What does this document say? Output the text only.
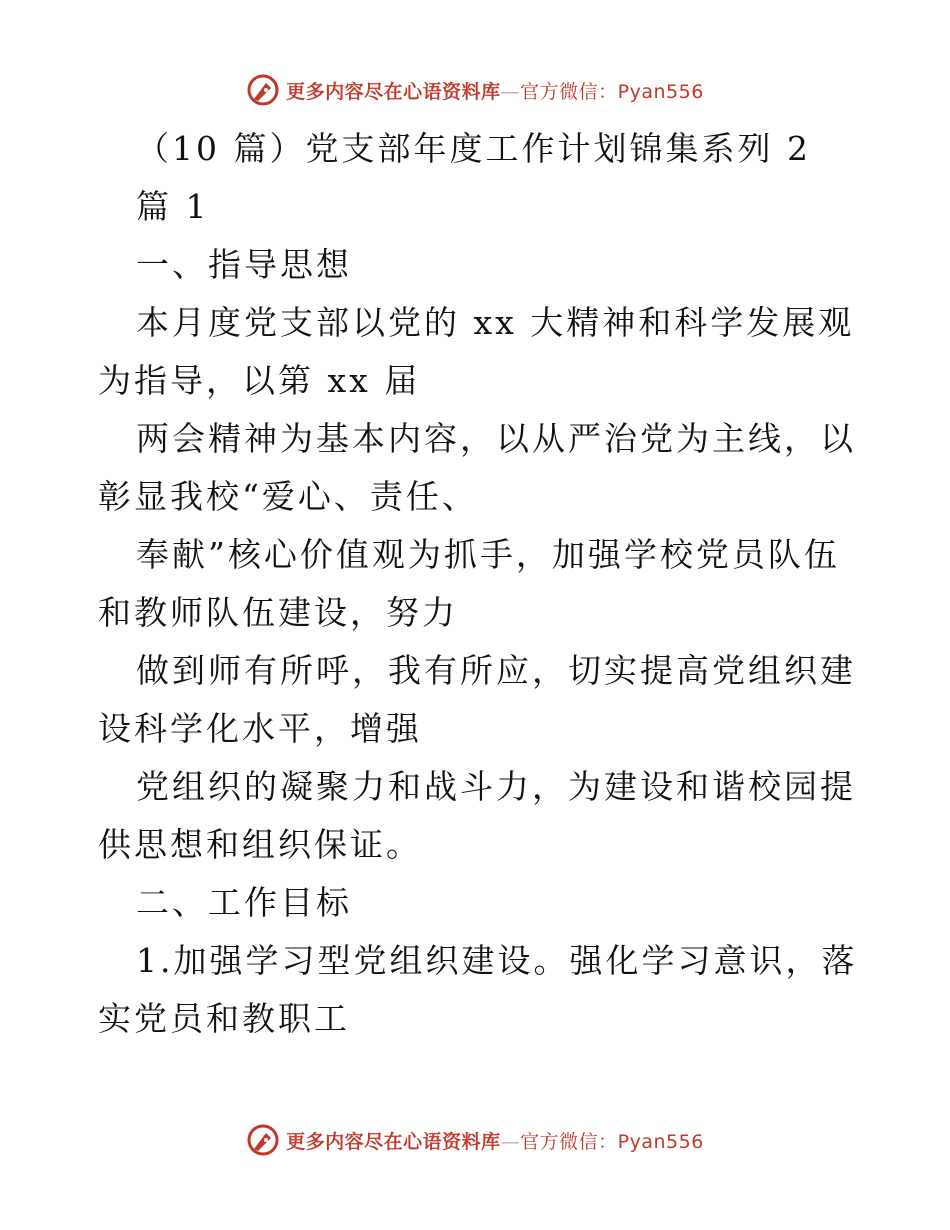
更多内容尽在心语资料库—官方微信：Pyan556

（10 篇）党支部年度工作计划锦集系列 2

篇 1

一、指导思想

本月度党支部以党的 xx 大精神和科学发展观为指导，以第 xx 届

两会精神为基本内容，以从严治党为主线，以彰显我校“爱心、责任、

奉献”核心价值观为抓手，加强学校党员队伍和教师队伍建设，努力

做到师有所呼，我有所应，切实提高党组织建设科学化水平，增强

党组织的凝聚力和战斗力，为建设和谐校园提供思想和组织保证。

二、工作目标

1.加强学习型党组织建设。强化学习意识，落实党员和教职工

更多内容尽在心语资料库—官方微信：Pyan556
